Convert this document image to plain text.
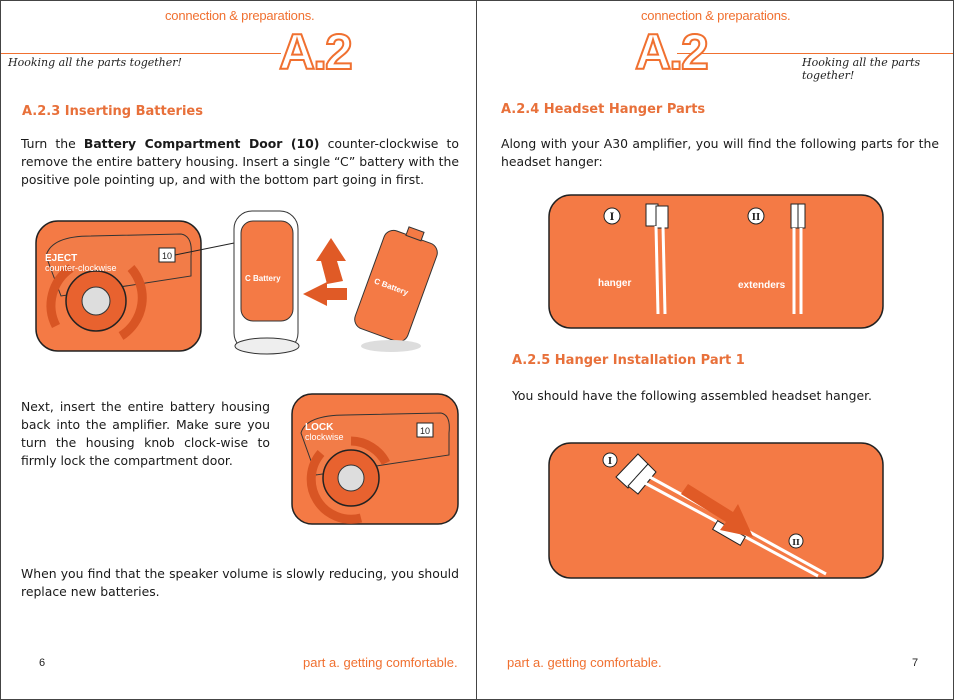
connection & preparations.
Hooking all the parts together! A.2
A.2.3 Inserting Batteries
Turn the Battery Compartment Door (10) counter-clockwise to remove the entire battery housing. Insert a single “C” battery with the positive pole pointing up, and with the bottom part going in first.
EJECT
counter-clockwise
10
C Battery	C Battery
Next, insert the entire battery housing back into the amplifier. Make sure you turn the housing knob clock-wise to firmly lock the compartment door.
LOCK
clockwise
10
When you find that the speaker volume is slowly reducing, you should replace new batteries.
6	part a. getting comfortable.
connection & preparations.
A.2	Hooking all the parts together!
A.2.4 Headset Hanger Parts
Along with your A30 amplifier, you will find the following parts for the headset hanger:
I	II
hanger	extenders
A.2.5 Hanger Installation Part 1
You should have the following assembled headset hanger.
I
II
part a. getting comfortable.	7
